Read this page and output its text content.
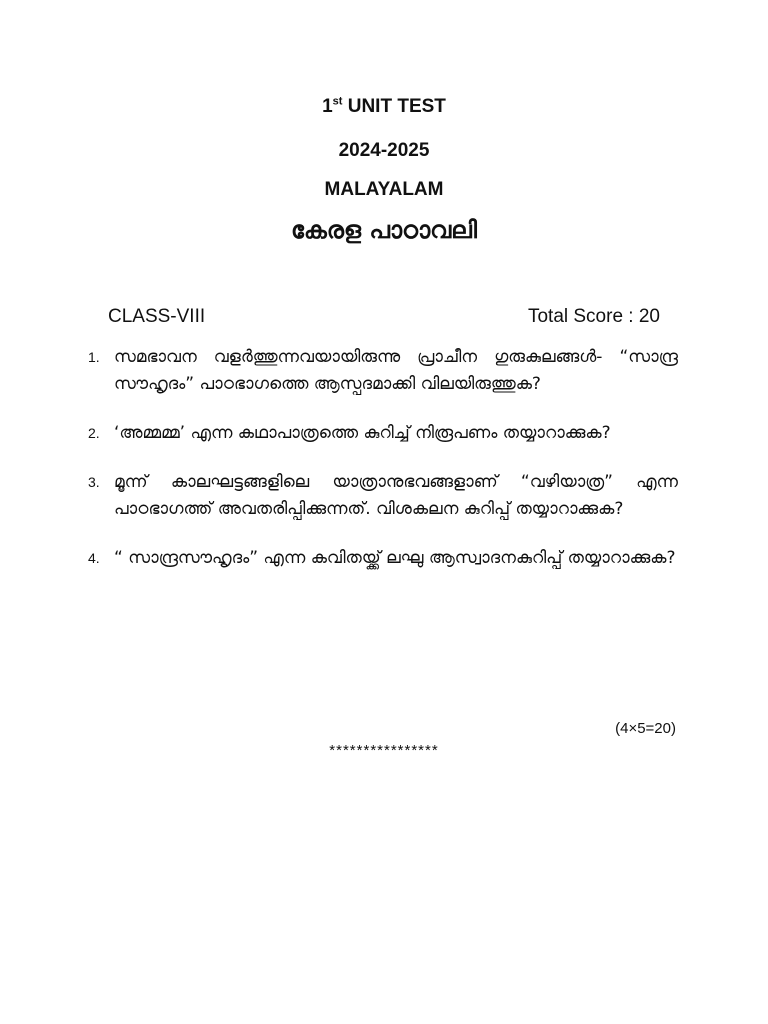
1st UNIT TEST
2024-2025
MALAYALAM
കേരള പാഠാവലി
CLASS-VIII	Total Score : 20
1. സമഭാവന വളർത്തുന്നവയായിരുന്നു പ്രാചീന ഗുരുകുലങ്ങൾ- “സാന്ദ്ര സൗഹൃദം” പാഠഭാഗത്തെ ആസ്പദമാക്കി വിലയിരുത്തുക?
2. ‘അമ്മമ്മ’ എന്ന കഥാപാത്രത്തെ കുറിച്ച് നിരൂപണം തയ്യാറാക്കുക?
3. മൂന്ന് കാലഘട്ടങ്ങളിലെ യാത്രാനുഭവങ്ങളാണ് “വഴിയാത്ര” എന്ന പാഠഭാഗത്ത് അവതരിപ്പിക്കുന്നത്. വിശകലന കുറിപ്പ് തയ്യാറാക്കുക?
4. “ സാന്ദ്രസൗഹൃദം” എന്ന കവിതയ്ക്ക് ലഘു ആസ്വാദനകുറിപ്പ് തയ്യാറാക്കുക?
(4×5=20)
****************
